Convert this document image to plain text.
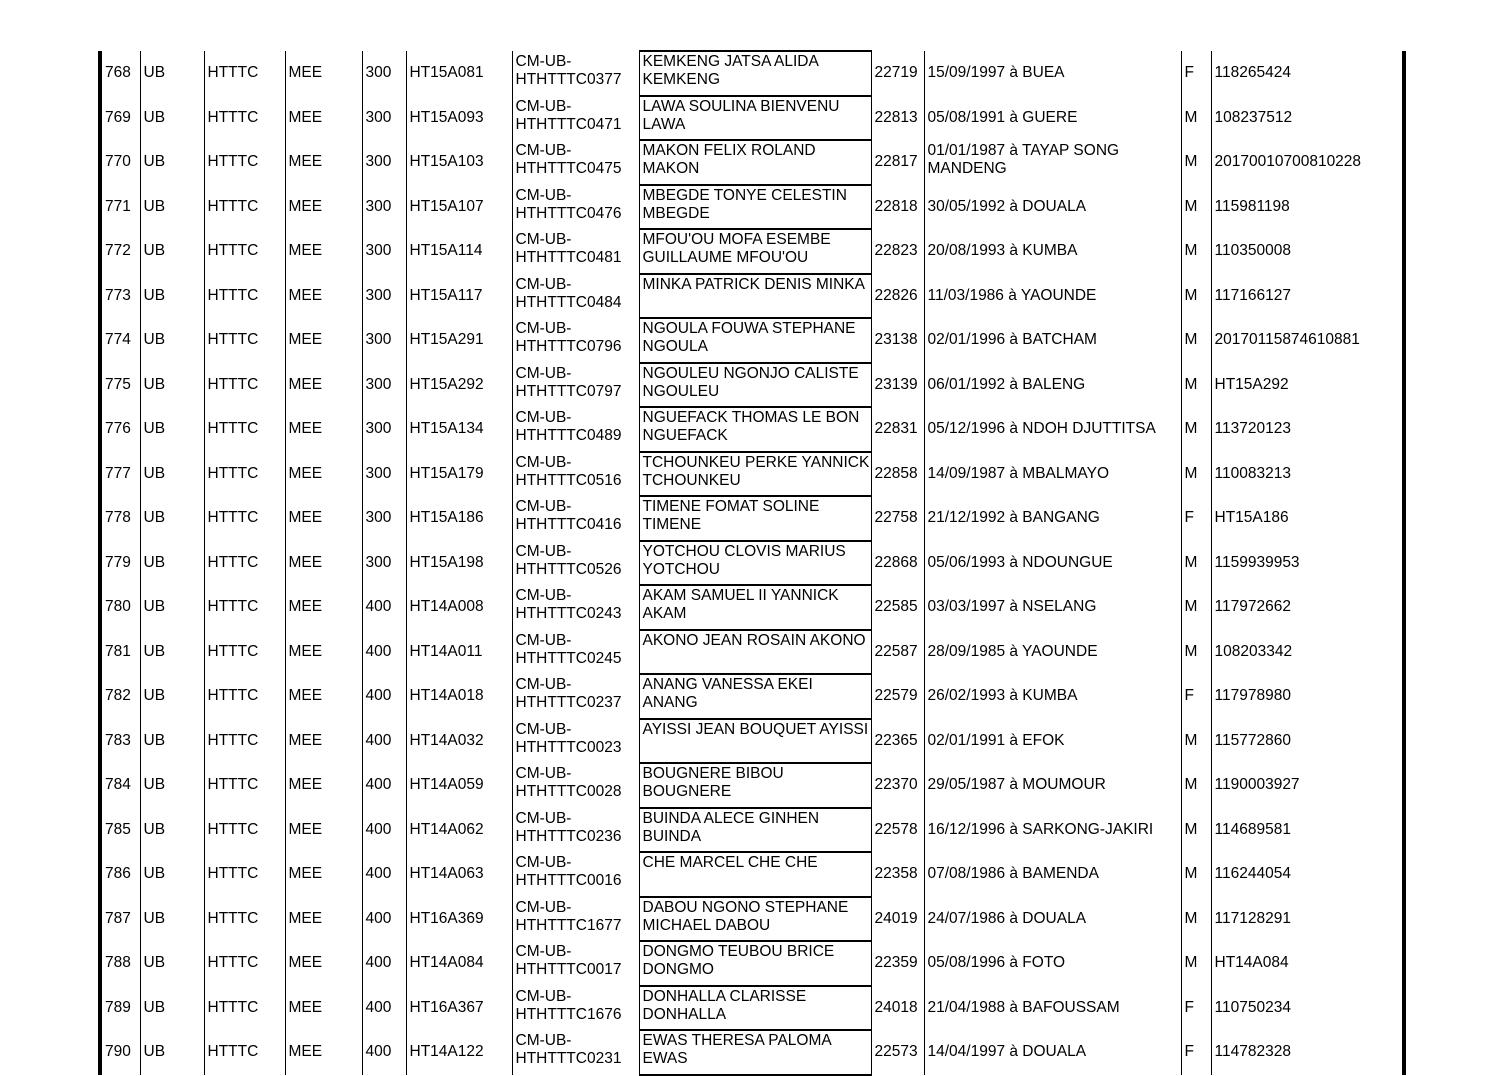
768	UB	HTTTC	MEE	300	HT15A081	CM-UB-HTHTTTC0377	KEMKENG JATSA ALIDA KEMKENG	22719	15/09/1997 à BUEA	F	118265424
769	UB	HTTTC	MEE	300	HT15A093	CM-UB-HTHTTTC0471	LAWA SOULINA BIENVENU LAWA	22813	05/08/1991 à GUERE	M	108237512
770	UB	HTTTC	MEE	300	HT15A103	CM-UB-HTHTTTC0475	MAKON FELIX ROLAND MAKON	22817	01/01/1987 à TAYAP SONG MANDENG	M	20170010700810228
771	UB	HTTTC	MEE	300	HT15A107	CM-UB-HTHTTTC0476	MBEGDE TONYE CELESTIN MBEGDE	22818	30/05/1992 à DOUALA	M	115981198
772	UB	HTTTC	MEE	300	HT15A114	CM-UB-HTHTTTC0481	MFOU'OU MOFA ESEMBE GUILLAUME MFOU'OU	22823	20/08/1993 à KUMBA	M	110350008
773	UB	HTTTC	MEE	300	HT15A117	CM-UB-HTHTTTC0484	MINKA PATRICK DENIS MINKA	22826	11/03/1986 à YAOUNDE	M	117166127
774	UB	HTTTC	MEE	300	HT15A291	CM-UB-HTHTTTC0796	NGOULA FOUWA STEPHANE NGOULA	23138	02/01/1996 à BATCHAM	M	20170115874610881
775	UB	HTTTC	MEE	300	HT15A292	CM-UB-HTHTTTC0797	NGOULEU NGONJO CALISTE NGOULEU	23139	06/01/1992 à BALENG	M	HT15A292
776	UB	HTTTC	MEE	300	HT15A134	CM-UB-HTHTTTC0489	NGUEFACK THOMAS LE BON NGUEFACK	22831	05/12/1996 à NDOH DJUTTITSA	M	113720123
777	UB	HTTTC	MEE	300	HT15A179	CM-UB-HTHTTTC0516	TCHOUNKEU PERKE YANNICK TCHOUNKEU	22858	14/09/1987 à MBALMAYO	M	110083213
778	UB	HTTTC	MEE	300	HT15A186	CM-UB-HTHTTTC0416	TIMENE FOMAT SOLINE TIMENE	22758	21/12/1992 à BANGANG	F	HT15A186
779	UB	HTTTC	MEE	300	HT15A198	CM-UB-HTHTTTC0526	YOTCHOU CLOVIS MARIUS YOTCHOU	22868	05/06/1993 à NDOUNGUE	M	1159939953
780	UB	HTTTC	MEE	400	HT14A008	CM-UB-HTHTTTC0243	AKAM SAMUEL II YANNICK AKAM	22585	03/03/1997 à NSELANG	M	117972662
781	UB	HTTTC	MEE	400	HT14A011	CM-UB-HTHTTTC0245	AKONO JEAN ROSAIN AKONO	22587	28/09/1985 à YAOUNDE	M	108203342
782	UB	HTTTC	MEE	400	HT14A018	CM-UB-HTHTTTC0237	ANANG VANESSA EKEI ANANG	22579	26/02/1993 à KUMBA	F	117978980
783	UB	HTTTC	MEE	400	HT14A032	CM-UB-HTHTTTC0023	AYISSI JEAN BOUQUET AYISSI	22365	02/01/1991 à EFOK	M	115772860
784	UB	HTTTC	MEE	400	HT14A059	CM-UB-HTHTTTC0028	BOUGNERE BIBOU BOUGNERE	22370	29/05/1987 à MOUMOUR	M	1190003927
785	UB	HTTTC	MEE	400	HT14A062	CM-UB-HTHTTTC0236	BUINDA ALECE GINHEN BUINDA	22578	16/12/1996 à SARKONG-JAKIRI	M	114689581
786	UB	HTTTC	MEE	400	HT14A063	CM-UB-HTHTTTC0016	CHE MARCEL CHE CHE	22358	07/08/1986 à BAMENDA	M	116244054
787	UB	HTTTC	MEE	400	HT16A369	CM-UB-HTHTTTC1677	DABOU NGONO STEPHANE MICHAEL DABOU	24019	24/07/1986 à DOUALA	M	117128291
788	UB	HTTTC	MEE	400	HT14A084	CM-UB-HTHTTTC0017	DONGMO TEUBOU BRICE DONGMO	22359	05/08/1996 à FOTO	M	HT14A084
789	UB	HTTTC	MEE	400	HT16A367	CM-UB-HTHTTTC1676	DONHALLA CLARISSE DONHALLA	24018	21/04/1988 à BAFOUSSAM	F	110750234
790	UB	HTTTC	MEE	400	HT14A122	CM-UB-HTHTTTC0231	EWAS THERESA PALOMA EWAS	22573	14/04/1997 à DOUALA	F	114782328
